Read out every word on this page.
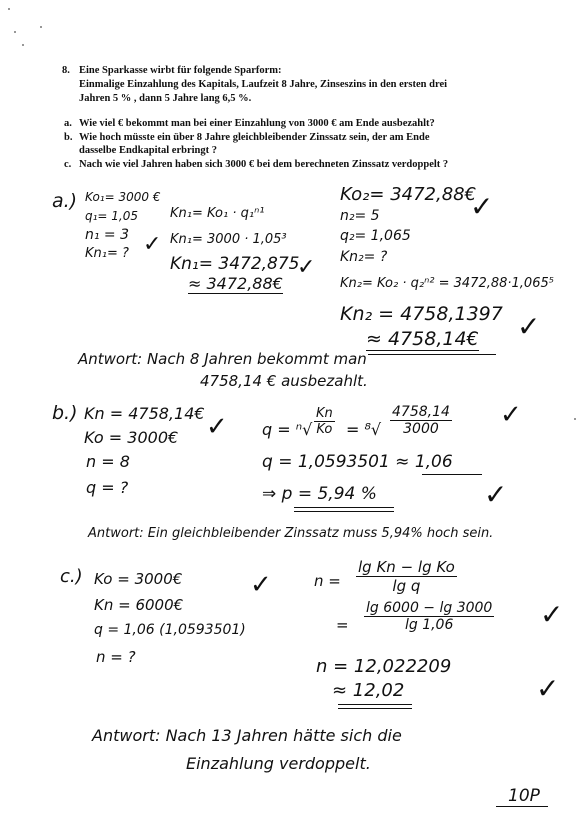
8. Eine Sparkasse wirbt für folgende Sparform:
Einmalige Einzahlung des Kapitals, Laufzeit 8 Jahre, Zinseszins in den ersten drei
Jahren 5 % , dann 5 Jahre lang 6,5 %.
a. Wie viel € bekommt man bei einer Einzahlung von 3000 € am Ende ausbezahlt?
b. Wie hoch müsste ein über 8 Jahre gleichbleibender Zinssatz sein, der am Ende
dasselbe Endkapital erbringt ?
c. Nach wie viel Jahren haben sich 3000 € bei dem berechneten Zinssatz verdoppelt ?
a.) Ko₁= 3000 €
q₁= 1,05
n₁ = 3
Kn₁= ? ✓
Kn₁= Ko₁ · q₁ⁿ¹
Kn₁= 3000 · 1,05³
Kn₁= 3472,875
≈ 3472,88€
✓
Ko₂= 3472,88€
n₂= 5
q₂= 1,065
Kn₂= ?
✓
Kn₂= Ko₂ · q₂ⁿ² = 3472,88·1,065⁵
Kn₂ = 4758,1397
≈ 4758,14€ ✓
Antwort: Nach 8 Jahren bekommt man
4758,14 € ausbezahlt.
b.) Kn = 4758,14€
Ko = 3000€
n = 8
q = ?
✓ $q = ^n√ \frac{Kn}{Ko} = ^8√ \frac{4758,14}{3000}$ ✓
q = 1,0593501 ≈ 1,06
⇒ p = 5,94 %	✓
Antwort: Ein gleichbleibender Zinssatz muss 5,94% hoch sein.
c.) Ko = 3000€
Kn = 6000€
q = 1,06 (1,0593501)
n = ?
✓	$n = \frac{\text{lg Kn − lg Ko}}{\text{lg q}}$
= $\frac{\lg 6000 - \lg 3000}{\lg 1,06}$ ✓
n = 12,022209
≈ 12,02	✓
Antwort: Nach 13 Jahren hätte sich die
Einzahlung verdoppelt.
10P
